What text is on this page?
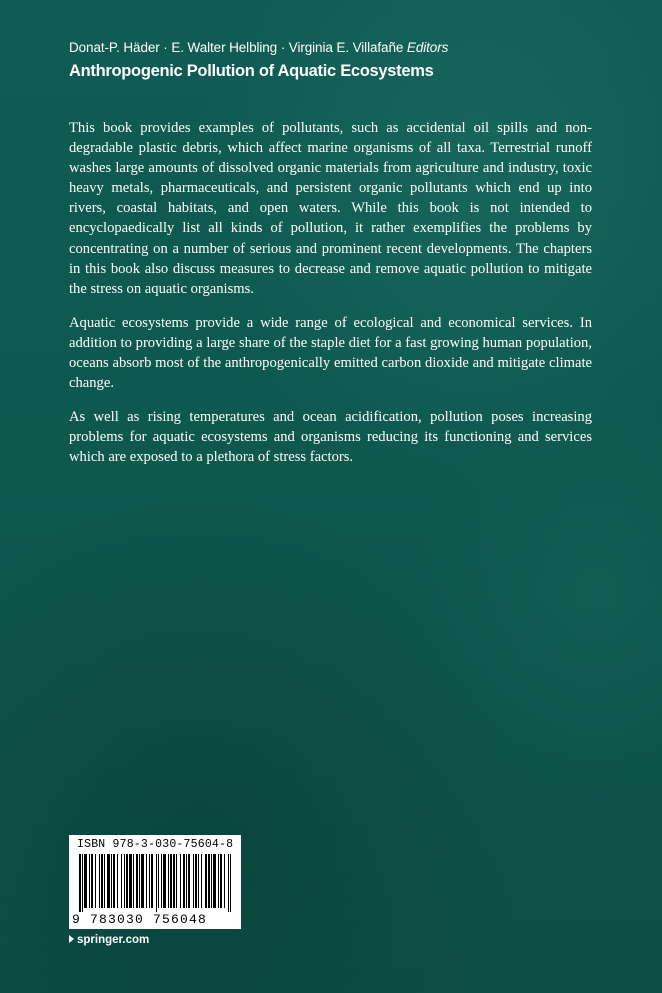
Donat-P. Häder · E. Walter Helbling · Virginia E. Villafañe Editors
Anthropogenic Pollution of Aquatic Ecosystems

This book provides examples of pollutants, such as accidental oil spills and non-degradable plastic debris, which affect marine organisms of all taxa. Terrestrial runoff washes large amounts of dissolved organic materials from agriculture and industry, toxic heavy metals, pharmaceuticals, and persistent organic pollutants which end up into rivers, coastal habitats, and open waters. While this book is not intended to encyclopaedically list all kinds of pollution, it rather exemplifies the problems by concentrating on a number of serious and prominent recent developments. The chapters in this book also discuss measures to decrease and remove aquatic pollution to mitigate the stress on aquatic organisms.

Aquatic ecosystems provide a wide range of ecological and economical services. In addition to providing a large share of the staple diet for a fast growing human population, oceans absorb most of the anthropogenically emitted carbon dioxide and mitigate climate change.

As well as rising temperatures and ocean acidification, pollution poses increasing problems for aquatic ecosystems and organisms reducing its functioning and services which are exposed to a plethora of stress factors.

ISBN 978-3-030-75604-8
9 783030 756048
springer.com
